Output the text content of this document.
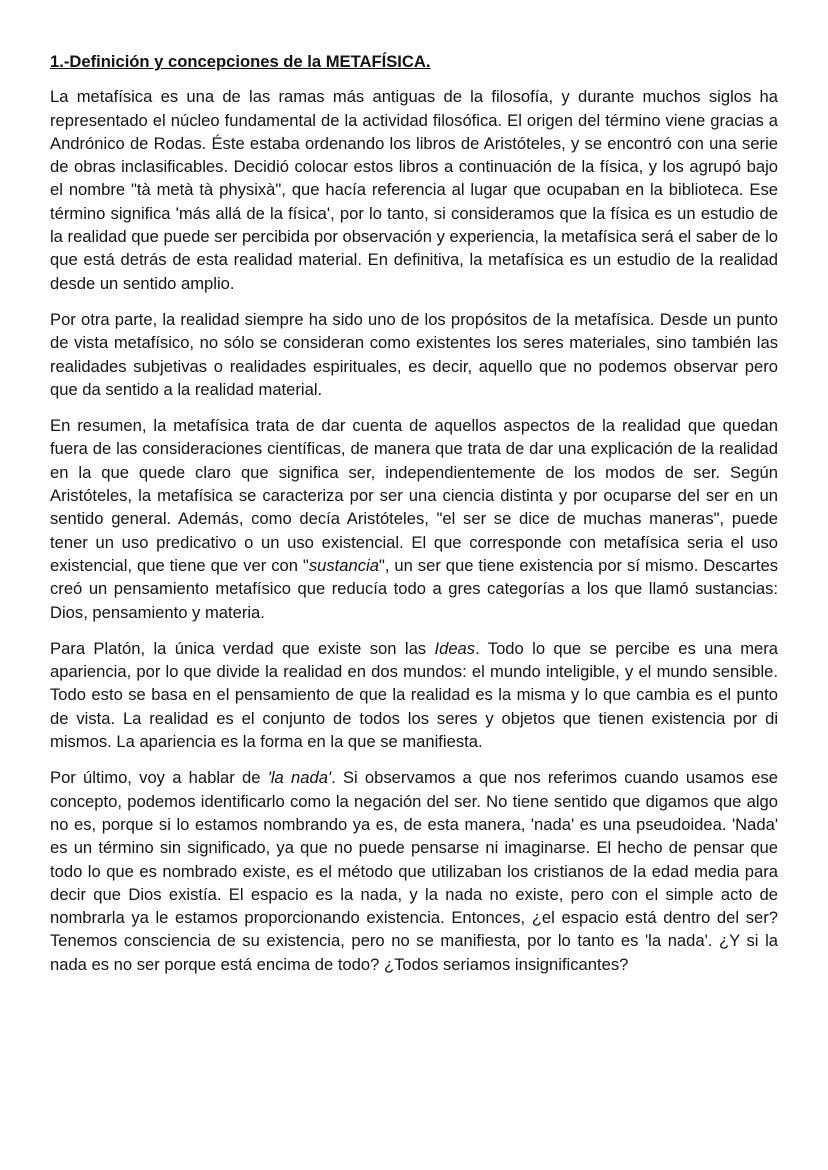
1.-Definición y concepciones de la METAFÍSICA.

La metafísica es una de las ramas más antiguas de la filosofía, y durante muchos siglos ha representado el núcleo fundamental de la actividad filosófica. El origen del término viene gracias a Andrónico de Rodas. Éste estaba ordenando los libros de Aristóteles, y se encontró con una serie de obras inclasificables. Decidió colocar estos libros a continuación de la física, y los agrupó bajo el nombre "tà metà tà physixà", que hacía referencia al lugar que ocupaban en la biblioteca. Ese término significa 'más allá de la física', por lo tanto, si consideramos que la física es un estudio de la realidad que puede ser percibida por observación y experiencia, la metafísica será el saber de lo que está detrás de esta realidad material. En definitiva, la metafísica es un estudio de la realidad desde un sentido amplio.

Por otra parte, la realidad siempre ha sido uno de los propósitos de la metafísica. Desde un punto de vista metafísico, no sólo se consideran como existentes los seres materiales, sino también las realidades subjetivas o realidades espirituales, es decir, aquello que no podemos observar pero que da sentido a la realidad material.

En resumen, la metafísica trata de dar cuenta de aquellos aspectos de la realidad que quedan fuera de las consideraciones científicas, de manera que trata de dar una explicación de la realidad en la que quede claro que significa ser, independientemente de los modos de ser. Según Aristóteles, la metafísica se caracteriza por ser una ciencia distinta y por ocuparse del ser en un sentido general. Además, como decía Aristóteles, "el ser se dice de muchas maneras", puede tener un uso predicativo o un uso existencial. El que corresponde con metafísica seria el uso existencial, que tiene que ver con "sustancia", un ser que tiene existencia por sí mismo. Descartes creó un pensamiento metafísico que reducía todo a gres categorías a los que llamó sustancias: Dios, pensamiento y materia.

Para Platón, la única verdad que existe son las Ideas. Todo lo que se percibe es una mera apariencia, por lo que divide la realidad en dos mundos: el mundo inteligible, y el mundo sensible. Todo esto se basa en el pensamiento de que la realidad es la misma y lo que cambia es el punto de vista. La realidad es el conjunto de todos los seres y objetos que tienen existencia por di mismos. La apariencia es la forma en la que se manifiesta.

Por último, voy a hablar de 'la nada'. Si observamos a que nos referimos cuando usamos ese concepto, podemos identificarlo como la negación del ser. No tiene sentido que digamos que algo no es, porque si lo estamos nombrando ya es, de esta manera, 'nada' es una pseudoidea. 'Nada' es un término sin significado, ya que no puede pensarse ni imaginarse. El hecho de pensar que todo lo que es nombrado existe, es el método que utilizaban los cristianos de la edad media para decir que Dios existía. El espacio es la nada, y la nada no existe, pero con el simple acto de nombrarla ya le estamos proporcionando existencia. Entonces, ¿el espacio está dentro del ser? Tenemos consciencia de su existencia, pero no se manifiesta, por lo tanto es 'la nada'. ¿Y si la nada es no ser porque está encima de todo? ¿Todos seriamos insignificantes?
